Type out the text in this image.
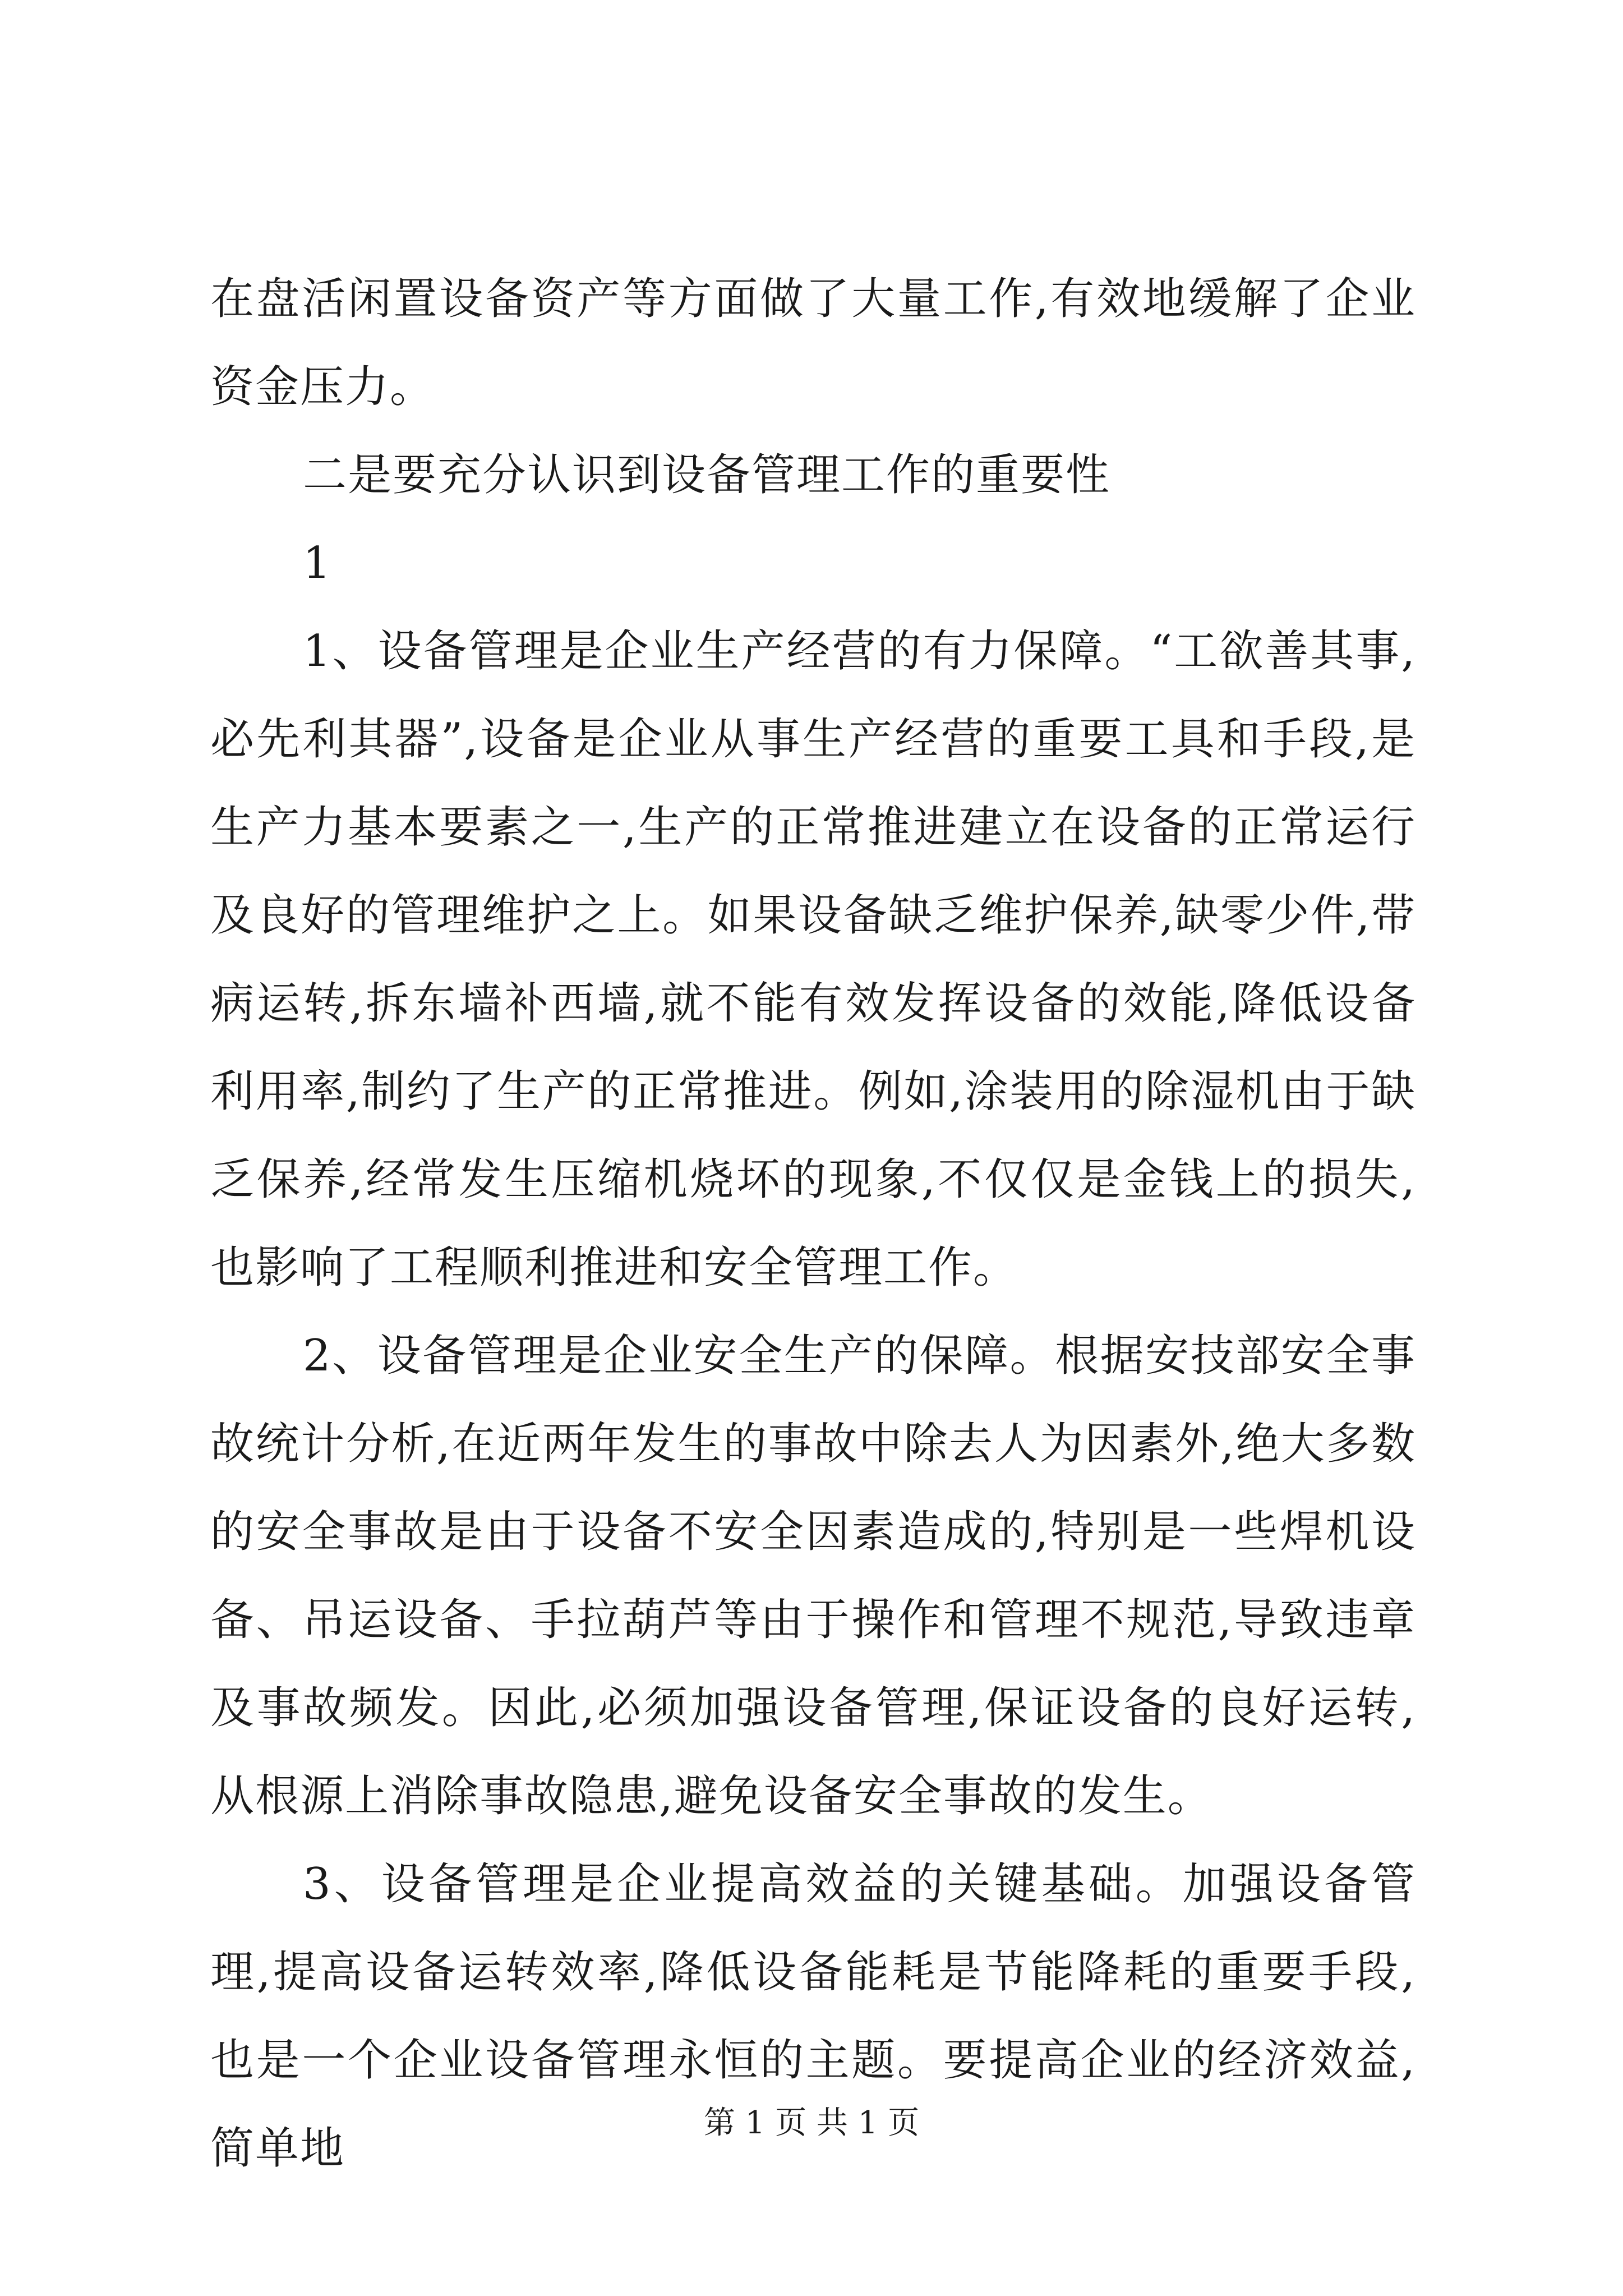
在盘活闲置设备资产等方面做了大量工作,有效地缓解了企业资金压力。

二是要充分认识到设备管理工作的重要性

1

1、设备管理是企业生产经营的有力保障。“工欲善其事,必先利其器”,设备是企业从事生产经营的重要工具和手段,是生产力基本要素之一,生产的正常推进建立在设备的正常运行及良好的管理维护之上。如果设备缺乏维护保养,缺零少件,带病运转,拆东墙补西墙,就不能有效发挥设备的效能,降低设备利用率,制约了生产的正常推进。例如,涂装用的除湿机由于缺乏保养,经常发生压缩机烧坏的现象,不仅仅是金钱上的损失,也影响了工程顺利推进和安全管理工作。

2、设备管理是企业安全生产的保障。根据安技部安全事故统计分析,在近两年发生的事故中除去人为因素外,绝大多数的安全事故是由于设备不安全因素造成的,特别是一些焊机设备、吊运设备、手拉葫芦等由于操作和管理不规范,导致违章及事故频发。因此,必须加强设备管理,保证设备的良好运转,从根源上消除事故隐患,避免设备安全事故的发生。

3、设备管理是企业提高效益的关键基础。加强设备管理,提高设备运转效率,降低设备能耗是节能降耗的重要手段,也是一个企业设备管理永恒的主题。要提高企业的经济效益,简单地

第 1 页 共 1 页
